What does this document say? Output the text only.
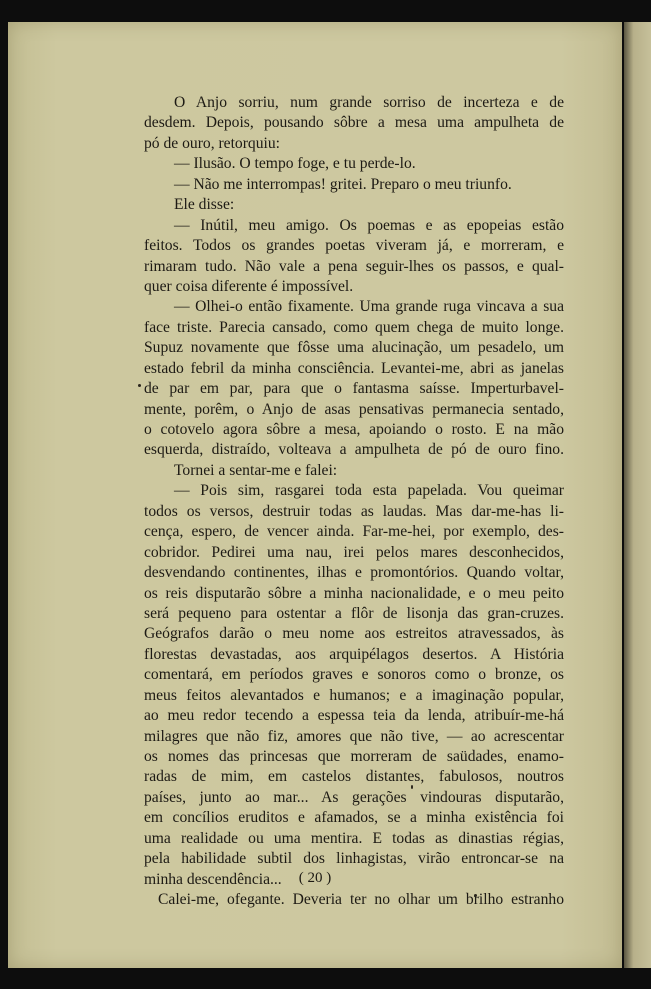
( 20 )
O Anjo sorriu, num grande sorriso de incerteza e de
desdem. Depois, pousando sôbre a mesa uma ampulheta de
pó de ouro, retorquiu:
— Ilusão. O tempo foge, e tu perde-lo.
— Não me interrompas! gritei. Preparo o meu triunfo.
Ele disse:
— Inútil, meu amigo. Os poemas e as epopeias estão
feitos. Todos os grandes poetas viveram já, e morreram, e
rimaram tudo. Não vale a pena seguir-lhes os passos, e qual-
quer coisa diferente é impossível.
— Olhei-o então fixamente. Uma grande ruga vincava a sua
face triste. Parecia cansado, como quem chega de muito longe.
Supuz novamente que fôsse uma alucinação, um pesadelo, um
estado febril da minha consciência. Levantei-me, abri as janelas
de par em par, para que o fantasma saísse. Imperturbavel-
mente, porêm, o Anjo de asas pensativas permanecia sentado,
o cotovelo agora sôbre a mesa, apoiando o rosto. E na mão
esquerda, distraído, volteava a ampulheta de pó de ouro fino.
Tornei a sentar-me e falei:
— Pois sim, rasgarei toda esta papelada. Vou queimar
todos os versos, destruir todas as laudas. Mas dar-me-has li-
cença, espero, de vencer ainda. Far-me-hei, por exemplo, des-
cobridor. Pedirei uma nau, irei pelos mares desconhecidos,
desvendando continentes, ilhas e promontórios. Quando voltar,
os reis disputarão sôbre a minha nacionalidade, e o meu peito
será pequeno para ostentar a flôr de lisonja das gran-cruzes.
Geógrafos darão o meu nome aos estreitos atravessados, às
florestas devastadas, aos arquipélagos desertos. A História
comentará, em períodos graves e sonoros como o bronze, os
meus feitos alevantados e humanos; e a imaginação popular,
ao meu redor tecendo a espessa teia da lenda, atribuír-me-há
milagres que não fiz, amores que não tive, — ao acrescentar
os nomes das princesas que morreram de saüdades, enamo-
radas de mim, em castelos distantes, fabulosos, noutros
países, junto ao mar... As gerações vindouras disputarão,
em concílios eruditos e afamados, se a minha existência foi
uma realidade ou uma mentira. E todas as dinastias régias,
pela habilidade subtil dos linhagistas, virão entroncar-se na
minha descendência...
Calei-me, ofegante. Deveria ter no olhar um brilho estranho
